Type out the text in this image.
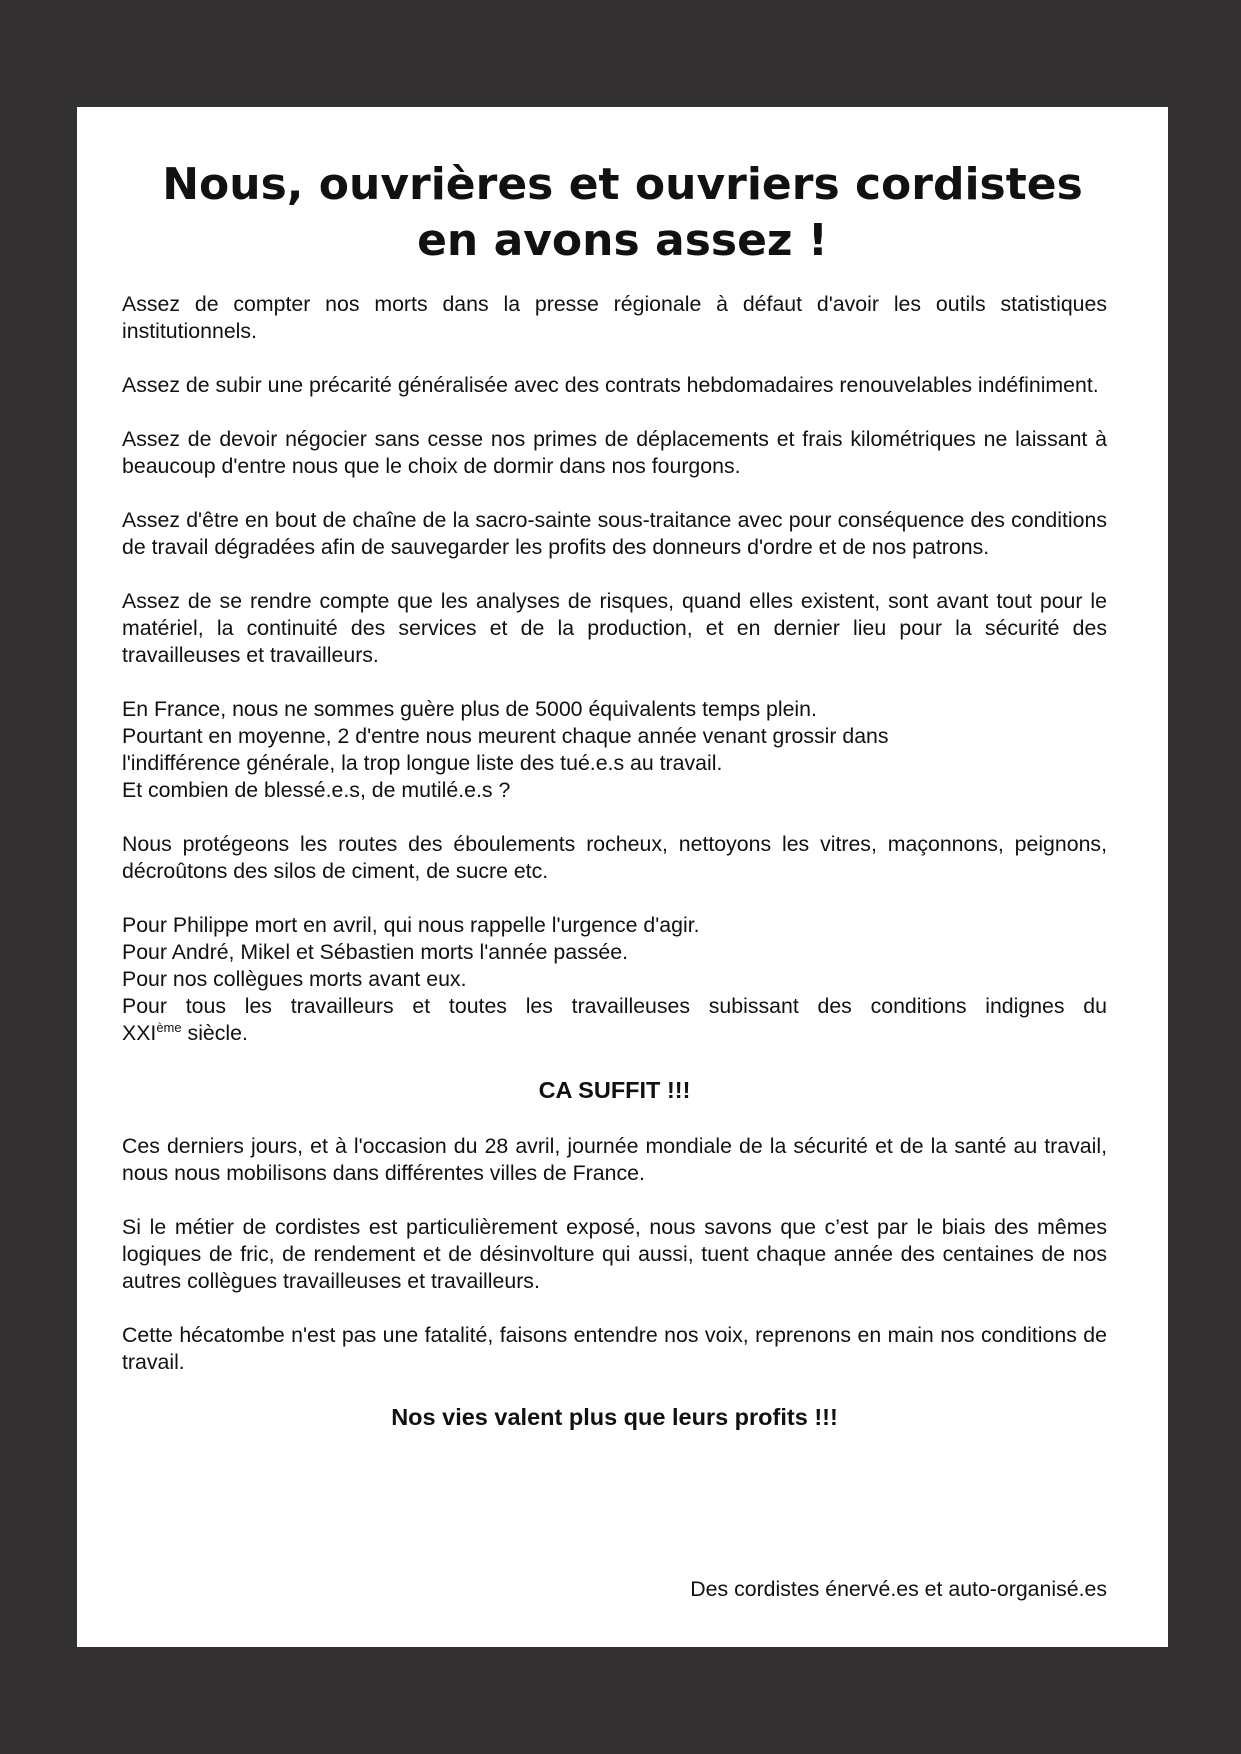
Nous, ouvrières et ouvriers cordistes
en avons assez !

Assez de compter nos morts dans la presse régionale à défaut d'avoir les outils statistiques institutionnels.

Assez de subir une précarité généralisée avec des contrats hebdomadaires renouvelables indéfiniment.

Assez de devoir négocier sans cesse nos primes de déplacements et frais kilométriques ne laissant à beaucoup d'entre nous que le choix de dormir dans nos fourgons.

Assez d'être en bout de chaîne de la sacro-sainte sous-traitance avec pour conséquence des conditions de travail dégradées afin de sauvegarder les profits des donneurs d'ordre et de nos patrons.

Assez de se rendre compte que les analyses de risques, quand elles existent, sont avant tout pour le matériel, la continuité des services et de la production, et en dernier lieu pour la sécurité des travailleuses et travailleurs.

En France, nous ne sommes guère plus de 5000 équivalents temps plein.
Pourtant en moyenne, 2 d'entre nous meurent chaque année venant grossir dans
l'indifférence générale, la trop longue liste des tué.e.s au travail.
Et combien de blessé.e.s, de mutilé.e.s ?

Nous protégeons les routes des éboulements rocheux, nettoyons les vitres, maçonnons, peignons, décroûtons des silos de ciment, de sucre etc.

Pour Philippe mort en avril, qui nous rappelle l'urgence d'agir.
Pour André, Mikel et Sébastien morts l'année passée.
Pour nos collègues morts avant eux.
Pour tous les travailleurs et toutes les travailleuses subissant des conditions indignes du
XXIème siècle.

CA SUFFIT !!!

Ces derniers jours, et à l'occasion du 28 avril, journée mondiale de la sécurité et de la santé au travail, nous nous mobilisons dans différentes villes de France.

Si le métier de cordistes est particulièrement exposé, nous savons que c’est par le biais des mêmes logiques de fric, de rendement et de désinvolture qui aussi, tuent chaque année des centaines de nos autres collègues travailleuses et travailleurs.

Cette hécatombe n'est pas une fatalité, faisons entendre nos voix, reprenons en main nos conditions de travail.

Nos vies valent plus que leurs profits !!!

Des cordistes énervé.es et auto-organisé.es
